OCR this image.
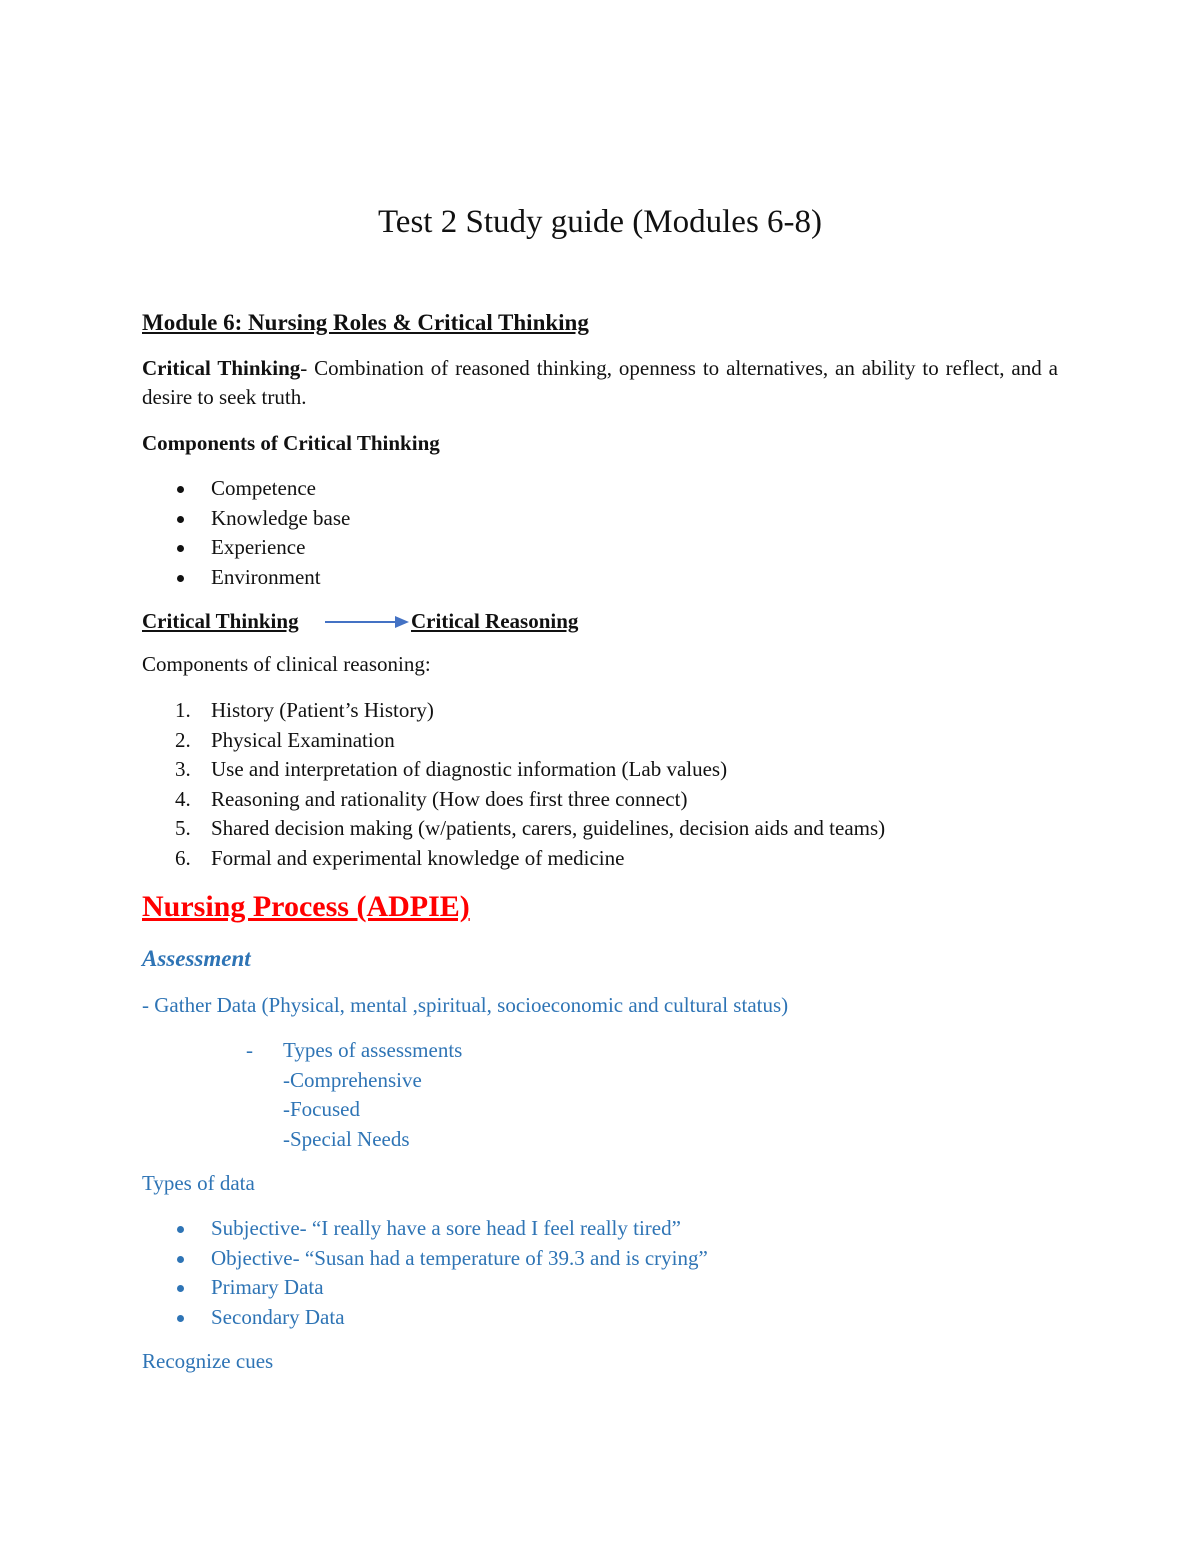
Test 2 Study guide (Modules 6-8)
Module 6: Nursing Roles & Critical Thinking
Critical Thinking- Combination of reasoned thinking, openness to alternatives, an ability to reflect, and a desire to seek truth.
Components of Critical Thinking
Competence
Knowledge base
Experience
Environment
Critical Thinking	Critical Reasoning
Components of clinical reasoning:
1. History (Patient’s History)
2. Physical Examination
3. Use and interpretation of diagnostic information (Lab values)
4. Reasoning and rationality (How does first three connect)
5. Shared decision making (w/patients, carers, guidelines, decision aids and teams)
6. Formal and experimental knowledge of medicine
Nursing Process (ADPIE)
Assessment
- Gather Data (Physical, mental ,spiritual, socioeconomic and cultural status)
- Types of assessments
-Comprehensive
-Focused
-Special Needs
Types of data
Subjective- “I really have a sore head I feel really tired”
Objective- “Susan had a temperature of 39.3 and is crying”
Primary Data
Secondary Data
Recognize cues
